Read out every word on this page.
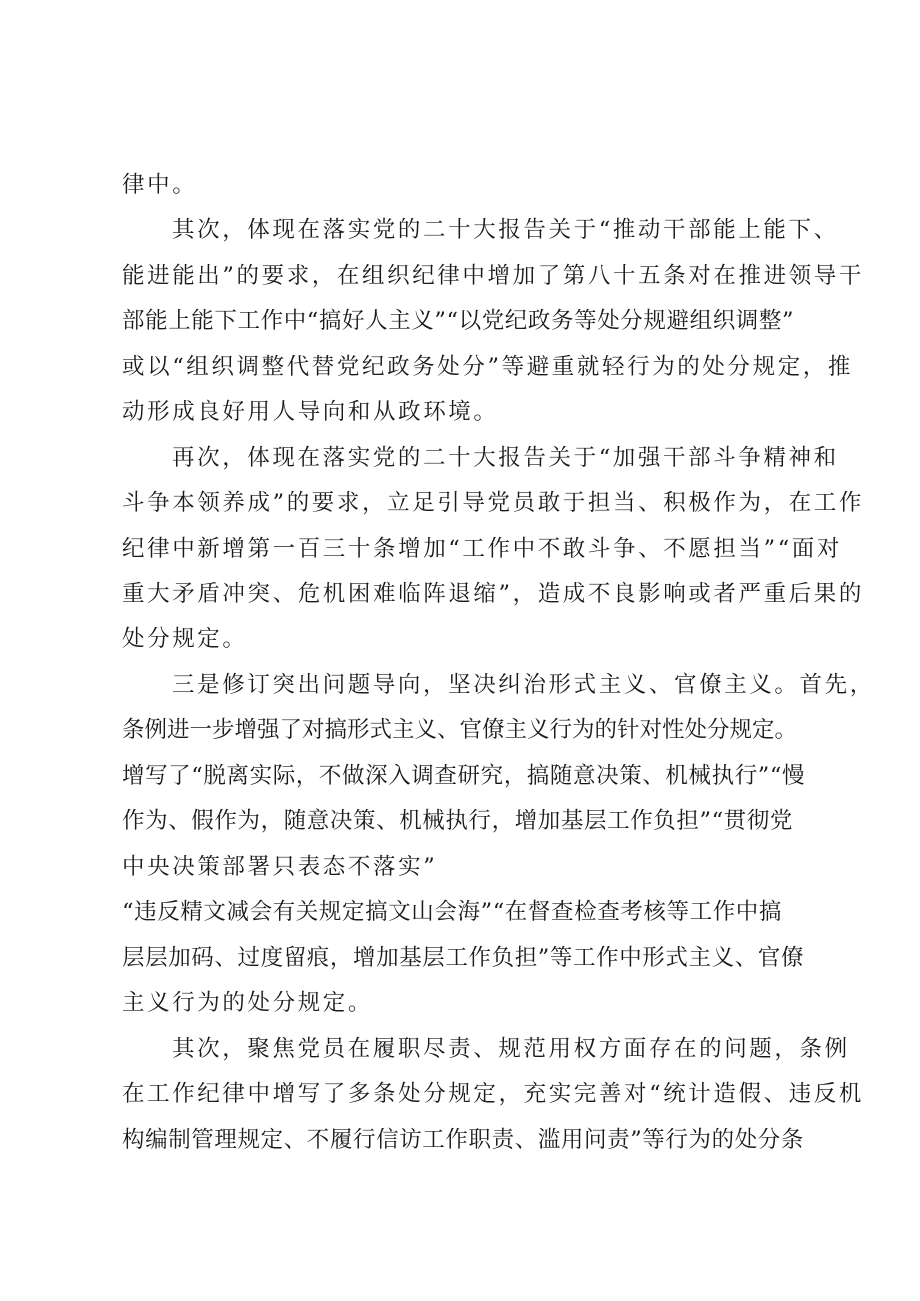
律中。
其次，体现在落实党的二十大报告关于“推动干部能上能下、
能进能出”的要求，在组织纪律中增加了第八十五条对在推进领导干
部能上能下工作中“搞好人主义”“以党纪政务等处分规避组织调整”
或以“组织调整代替党纪政务处分”等避重就轻行为的处分规定，推
动形成良好用人导向和从政环境。
再次，体现在落实党的二十大报告关于“加强干部斗争精神和
斗争本领养成”的要求，立足引导党员敢于担当、积极作为，在工作
纪律中新增第一百三十条增加“工作中不敢斗争、不愿担当”“面对
重大矛盾冲突、危机困难临阵退缩”，造成不良影响或者严重后果的
处分规定。
三是修订突出问题导向，坚决纠治形式主义、官僚主义。首先，
条例进一步增强了对搞形式主义、官僚主义行为的针对性处分规定。
增写了“脱离实际，不做深入调查研究，搞随意决策、机械执行”“慢
作为、假作为，随意决策、机械执行，增加基层工作负担”“贯彻党
中央决策部署只表态不落实”
“违反精文减会有关规定搞文山会海”“在督查检查考核等工作中搞
层层加码、过度留痕，增加基层工作负担”等工作中形式主义、官僚
主义行为的处分规定。
其次，聚焦党员在履职尽责、规范用权方面存在的问题，条例
在工作纪律中增写了多条处分规定，充实完善对“统计造假、违反机
构编制管理规定、不履行信访工作职责、滥用问责”等行为的处分条
